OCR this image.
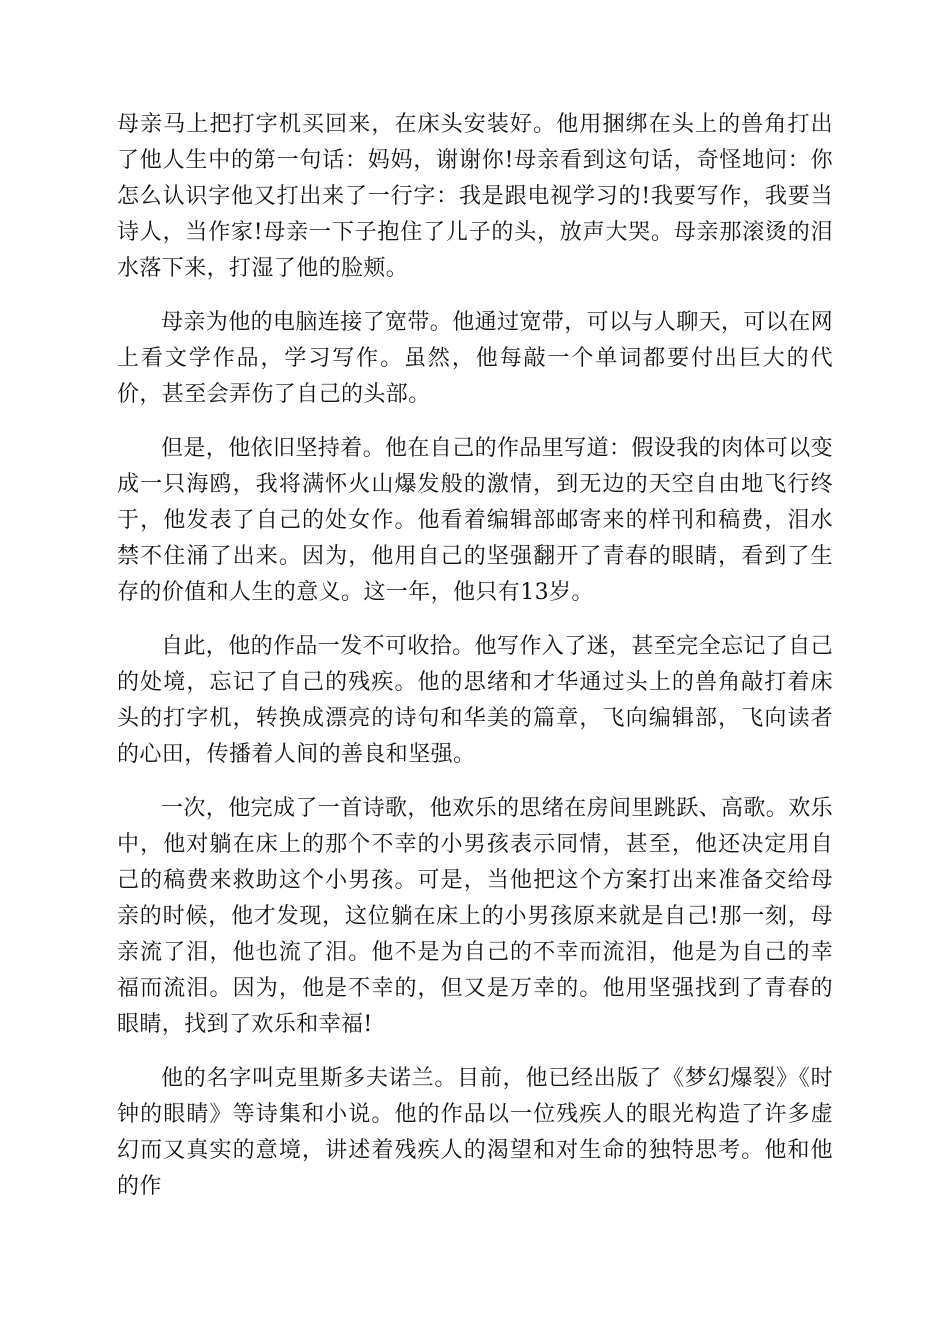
母亲马上把打字机买回来，在床头安装好。他用捆绑在头上的兽角打出了他人生中的第一句话：妈妈，谢谢你!母亲看到这句话，奇怪地问：你怎么认识字他又打出来了一行字：我是跟电视学习的!我要写作，我要当诗人，当作家!母亲一下子抱住了儿子的头，放声大哭。母亲那滚烫的泪水落下来，打湿了他的脸颊。

母亲为他的电脑连接了宽带。他通过宽带，可以与人聊天，可以在网上看文学作品，学习写作。虽然，他每敲一个单词都要付出巨大的代价，甚至会弄伤了自己的头部。

但是，他依旧坚持着。他在自己的作品里写道：假设我的肉体可以变成一只海鸥，我将满怀火山爆发般的激情，到无边的天空自由地飞行终于，他发表了自己的处女作。他看着编辑部邮寄来的样刊和稿费，泪水禁不住涌了出来。因为，他用自己的坚强翻开了青春的眼睛，看到了生存的价值和人生的意义。这一年，他只有13岁。

自此，他的作品一发不可收拾。他写作入了迷，甚至完全忘记了自己的处境，忘记了自己的残疾。他的思绪和才华通过头上的兽角敲打着床头的打字机，转换成漂亮的诗句和华美的篇章，飞向编辑部，飞向读者的心田，传播着人间的善良和坚强。

一次，他完成了一首诗歌，他欢乐的思绪在房间里跳跃、高歌。欢乐中，他对躺在床上的那个不幸的小男孩表示同情，甚至，他还决定用自己的稿费来救助这个小男孩。可是，当他把这个方案打出来准备交给母亲的时候，他才发现，这位躺在床上的小男孩原来就是自己!那一刻，母亲流了泪，他也流了泪。他不是为自己的不幸而流泪，他是为自己的幸福而流泪。因为，他是不幸的，但又是万幸的。他用坚强找到了青春的眼睛，找到了欢乐和幸福!

他的名字叫克里斯多夫诺兰。目前，他已经出版了《梦幻爆裂》《时钟的眼睛》等诗集和小说。他的作品以一位残疾人的眼光构造了许多虚幻而又真实的意境，讲述着残疾人的渴望和对生命的独特思考。他和他的作
